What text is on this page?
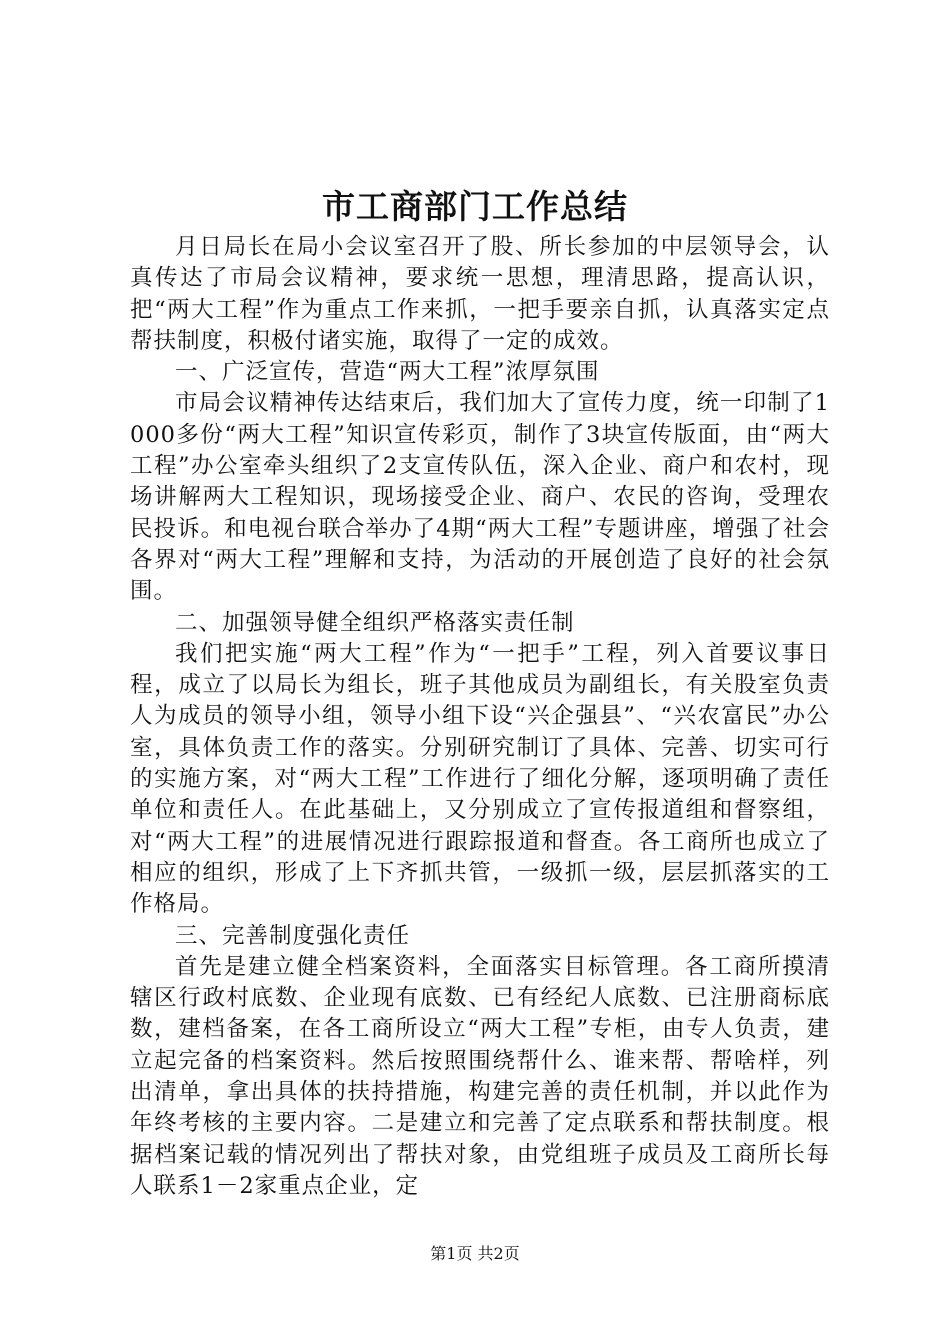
市工商部门工作总结

月日局长在局小会议室召开了股、所长参加的中层领导会，认真传达了市局会议精神，要求统一思想，理清思路，提高认识，把“两大工程”作为重点工作来抓，一把手要亲自抓，认真落实定点帮扶制度，积极付诸实施，取得了一定的成效。

一、广泛宣传，营造“两大工程”浓厚氛围

市局会议精神传达结束后，我们加大了宣传力度，统一印制了1000多份“两大工程”知识宣传彩页，制作了3块宣传版面，由“两大工程”办公室牵头组织了2支宣传队伍，深入企业、商户和农村，现场讲解两大工程知识，现场接受企业、商户、农民的咨询，受理农民投诉。和电视台联合举办了4期“两大工程”专题讲座，增强了社会各界对“两大工程”理解和支持，为活动的开展创造了良好的社会氛围。

二、加强领导健全组织严格落实责任制

我们把实施“两大工程”作为“一把手”工程，列入首要议事日程，成立了以局长为组长，班子其他成员为副组长，有关股室负责人为成员的领导小组，领导小组下设“兴企强县”、“兴农富民”办公室，具体负责工作的落实。分别研究制订了具体、完善、切实可行的实施方案，对“两大工程”工作进行了细化分解，逐项明确了责任单位和责任人。在此基础上，又分别成立了宣传报道组和督察组，对“两大工程”的进展情况进行跟踪报道和督查。各工商所也成立了相应的组织，形成了上下齐抓共管，一级抓一级，层层抓落实的工作格局。

三、完善制度强化责任

首先是建立健全档案资料，全面落实目标管理。各工商所摸清辖区行政村底数、企业现有底数、已有经纪人底数、已注册商标底数，建档备案，在各工商所设立“两大工程”专柜，由专人负责，建立起完备的档案资料。然后按照围绕帮什么、谁来帮、帮啥样，列出清单，拿出具体的扶持措施，构建完善的责任机制，并以此作为年终考核的主要内容。二是建立和完善了定点联系和帮扶制度。根据档案记载的情况列出了帮扶对象，由党组班子成员及工商所长每人联系1－2家重点企业，定

第1页 共2页
